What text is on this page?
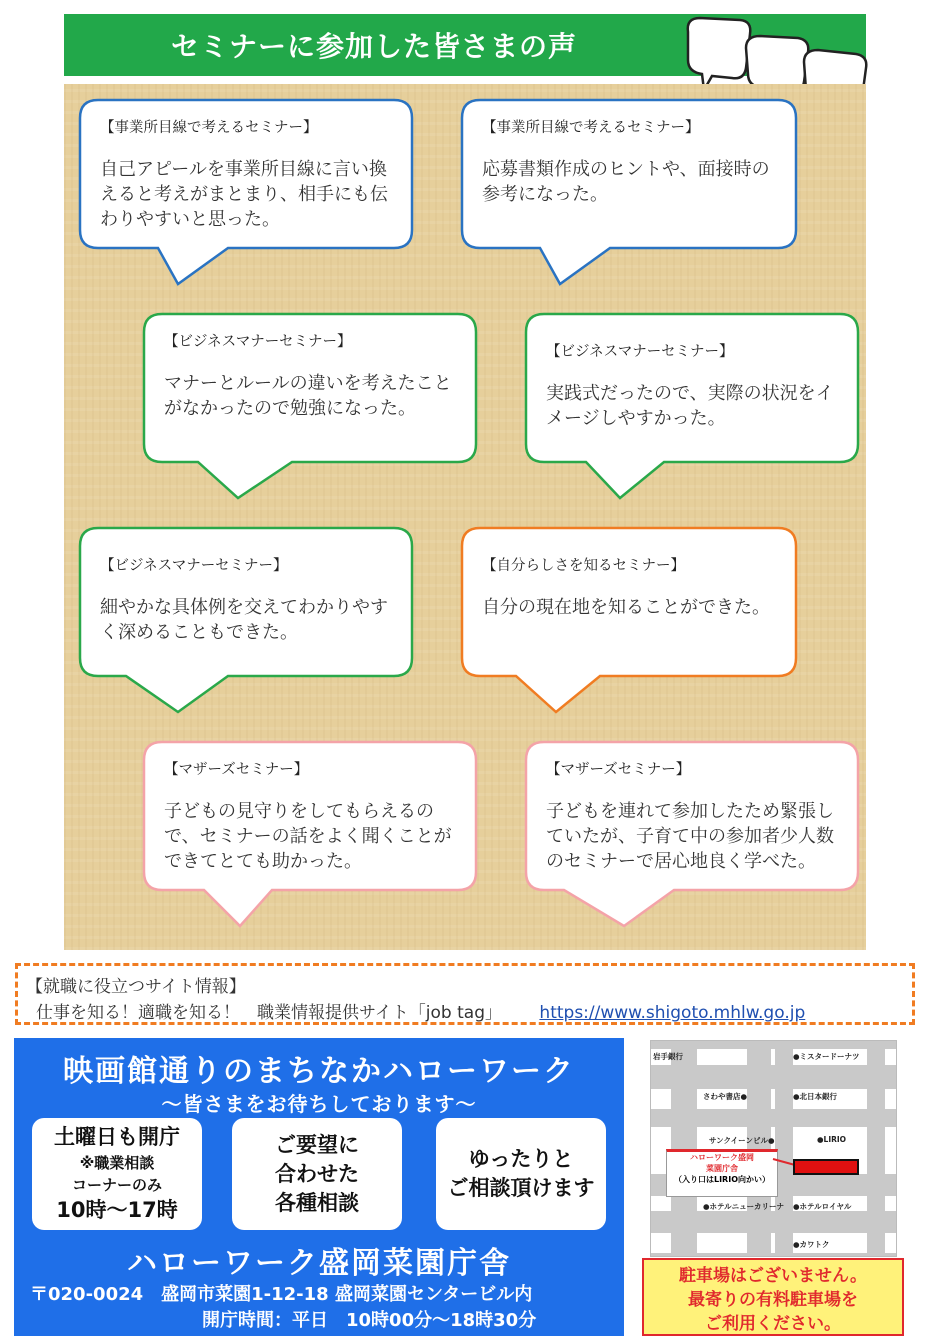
セミナーに参加した皆さまの声
【事業所目線で考えるセミナー】
自己アピールを事業所目線に言い換えると考えがまとまり、相手にも伝わりやすいと思った。
【事業所目線で考えるセミナー】
応募書類作成のヒントや、面接時の参考になった。
【ビジネスマナーセミナー】
マナーとルールの違いを考えたことがなかったので勉強になった。
【ビジネスマナーセミナー】
実践式だったので、実際の状況をイメージしやすかった。
【ビジネスマナーセミナー】
細やかな具体例を交えてわかりやすく深めることもできた。
【自分らしさを知るセミナー】
自分の現在地を知ることができた。
【マザーズセミナー】
子どもの見守りをしてもらえるので、セミナーの話をよく聞くことができてとても助かった。
【マザーズセミナー】
子どもを連れて参加したため緊張していたが、子育て中の参加者少人数のセミナーで居心地良く学べた。
【就職に役立つサイト情報】
仕事を知る！適職を知る！　職業情報提供サイト「job tag」 https://www.shigoto.mhlw.go.jp
映画館通りのまちなかハローワーク
〜皆さまをお待ちしております〜
土曜日も開庁
※職業相談
コーナーのみ
10時〜17時
ご要望に
合わせた
各種相談
ゆったりと
ご相談頂けます
ハローワーク盛岡菜園庁舎
〒020-0024　盛岡市菜園1-12-18 盛岡菜園センタービル内
開庁時間：平日　10時00分〜18時30分
岩手銀行	●ミスタードーナツ
さわや書店●	●北日本銀行
サンクイーンビル●	●LIRIO
●ホテルニューカリーナ ●ホテルロイヤル
●カワトク
ハローワーク盛岡
菜園庁舎
（入り口はLIRIO向かい）
駐車場はございません。
最寄りの有料駐車場を
ご利用ください。
